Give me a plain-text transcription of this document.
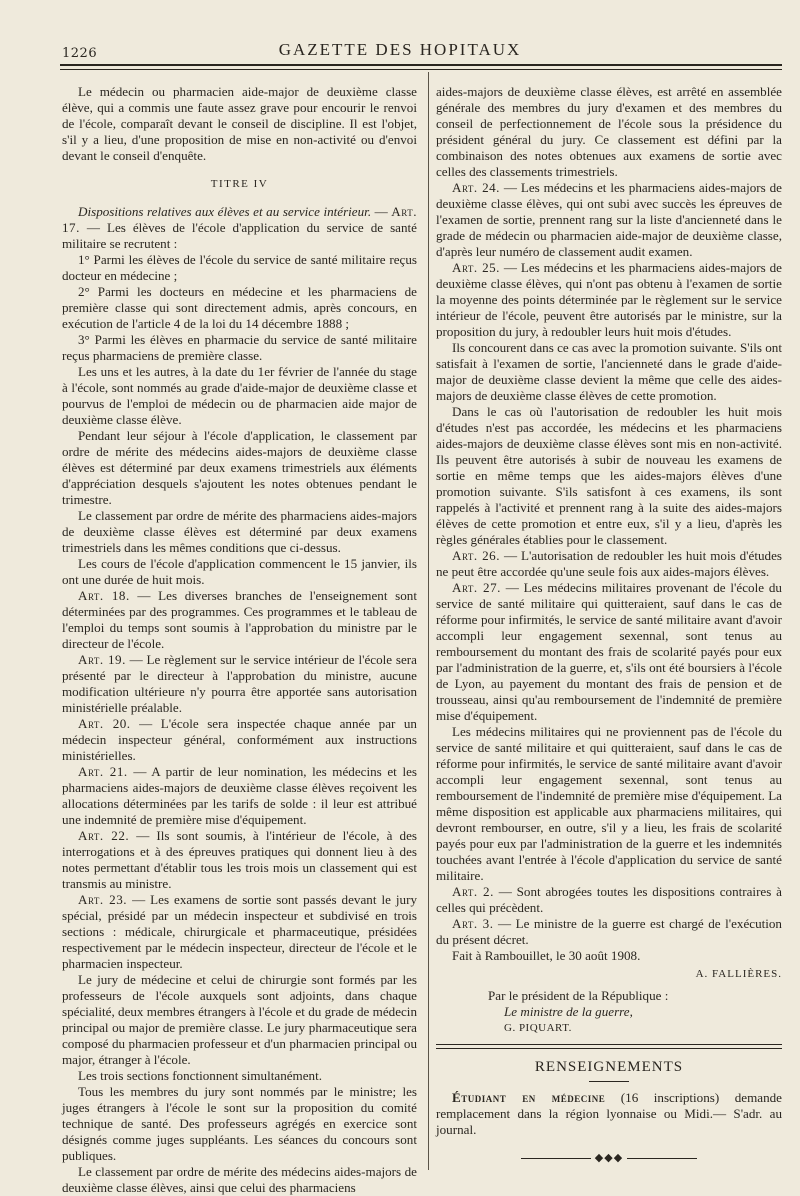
1226	GAZETTE DES HOPITAUX

Le médecin ou pharmacien aide-major de deuxième classe élève, qui a commis une faute assez grave pour encourir le renvoi de l'école, comparaît devant le conseil de discipline. Il est l'objet, s'il y a lieu, d'une proposition de mise en non-activité ou d'envoi devant le conseil d'enquête.

TITRE IV

Dispositions relatives aux élèves et au service intérieur. — Art. 17. — Les élèves de l'école d'application du service de santé militaire se recrutent :

1° Parmi les élèves de l'école du service de santé militaire reçus docteur en médecine ;

2° Parmi les docteurs en médecine et les pharmaciens de première classe qui sont directement admis, après concours, en exécution de l'article 4 de la loi du 14 décembre 1888 ;

3° Parmi les élèves en pharmacie du service de santé militaire reçus pharmaciens de première classe.

Les uns et les autres, à la date du 1er février de l'année du stage à l'école, sont nommés au grade d'aide-major de deuxième classe et pourvus de l'emploi de médecin ou de pharmacien aide major de deuxième classe élève.

Pendant leur séjour à l'école d'application, le classement par ordre de mérite des médecins aides-majors de deuxième classe élèves est déterminé par deux examens trimestriels aux éléments d'appréciation desquels s'ajoutent les notes obtenues pendant le trimestre.

Le classement par ordre de mérite des pharmaciens aides-majors de deuxième classe élèves est déterminé par deux examens trimestriels dans les mêmes conditions que ci-dessus.

Les cours de l'école d'application commencent le 15 janvier, ils ont une durée de huit mois.

Art. 18. — Les diverses branches de l'enseignement sont déterminées par des programmes. Ces programmes et le tableau de l'emploi du temps sont soumis à l'approbation du ministre par le directeur de l'école.

Art. 19. — Le règlement sur le service intérieur de l'école sera présenté par le directeur à l'approbation du ministre, aucune modification ultérieure n'y pourra être apportée sans autorisation ministérielle préalable.

Art. 20. — L'école sera inspectée chaque année par un médecin inspecteur général, conformément aux instructions ministérielles.

Art. 21. — A partir de leur nomination, les médecins et les pharmaciens aides-majors de deuxième classe élèves reçoivent les allocations déterminées par les tarifs de solde : il leur est attribué une indemnité de première mise d'équipement.

Art. 22. — Ils sont soumis, à l'intérieur de l'école, à des interrogations et à des épreuves pratiques qui donnent lieu à des notes permettant d'établir tous les trois mois un classement qui est transmis au ministre.

Art. 23. — Les examens de sortie sont passés devant le jury spécial, présidé par un médecin inspecteur et subdivisé en trois sections : médicale, chirurgicale et pharmaceutique, présidées respectivement par le médecin inspecteur, directeur de l'école et le pharmacien inspecteur.

Le jury de médecine et celui de chirurgie sont formés par les professeurs de l'école auxquels sont adjoints, dans chaque spécialité, deux membres étrangers à l'école et du grade de médecin principal ou major de première classe. Le jury pharmaceutique sera composé du pharmacien professeur et d'un pharmacien principal ou major, étranger à l'école.

Les trois sections fonctionnent simultanément.

Tous les membres du jury sont nommés par le ministre; les juges étrangers à l'école le sont sur la proposition du comité technique de santé. Des professeurs agrégés en exercice sont désignés comme juges suppléants. Les séances du concours sont publiques.

Le classement par ordre de mérite des médecins aides-majors de deuxième classe élèves, ainsi que celui des pharmaciens

aides-majors de deuxième classe élèves, est arrêté en assemblée générale des membres du jury d'examen et des membres du conseil de perfectionnement de l'école sous la présidence du président général du jury. Ce classement est défini par la combinaison des notes obtenues aux examens de sortie avec celles des classements trimestriels.

Art. 24. — Les médecins et les pharmaciens aides-majors de deuxième classe élèves, qui ont subi avec succès les épreuves de l'examen de sortie, prennent rang sur la liste d'ancienneté dans le grade de médecin ou pharmacien aide-major de deuxième classe, d'après leur numéro de classement audit examen.

Art. 25. — Les médecins et les pharmaciens aides-majors de deuxième classe élèves, qui n'ont pas obtenu à l'examen de sortie la moyenne des points déterminée par le règlement sur le service intérieur de l'école, peuvent être autorisés par le ministre, sur la proposition du jury, à redoubler leurs huit mois d'études.

Ils concourent dans ce cas avec la promotion suivante. S'ils ont satisfait à l'examen de sortie, l'ancienneté dans le grade d'aide-major de deuxième classe devient la même que celle des aides-majors de deuxième classe élèves de cette promotion.

Dans le cas où l'autorisation de redoubler les huit mois d'études n'est pas accordée, les médecins et les pharmaciens aides-majors de deuxième classe élèves sont mis en non-activité. Ils peuvent être autorisés à subir de nouveau les examens de sortie en même temps que les aides-majors élèves d'une promotion suivante. S'ils satisfont à ces examens, ils sont rappelés à l'activité et prennent rang à la suite des aides-majors élèves de cette promotion et entre eux, s'il y a lieu, d'après les règles générales établies pour le classement.

Art. 26. — L'autorisation de redoubler les huit mois d'études ne peut être accordée qu'une seule fois aux aides-majors élèves.

Art. 27. — Les médecins militaires provenant de l'école du service de santé militaire qui quitteraient, sauf dans le cas de réforme pour infirmités, le service de santé militaire avant d'avoir accompli leur engagement sexennal, sont tenus au remboursement du montant des frais de scolarité payés pour eux par l'administration de la guerre, et, s'ils ont été boursiers à l'école de Lyon, au payement du montant des frais de pension et de trousseau, ainsi qu'au remboursement de l'indemnité de première mise d'équipement.

Les médecins militaires qui ne proviennent pas de l'école du service de santé militaire et qui quitteraient, sauf dans le cas de réforme pour infirmités, le service de santé militaire avant d'avoir accompli leur engagement sexennal, sont tenus au remboursement de l'indemnité de première mise d'équipement. La même disposition est applicable aux pharmaciens militaires, qui devront rembourser, en outre, s'il y a lieu, les frais de scolarité payés pour eux par l'administration de la guerre et les indemnités touchées avant l'entrée à l'école d'application du service de santé militaire.

Art. 2. — Sont abrogées toutes les dispositions contraires à celles qui précèdent.

Art. 3. — Le ministre de la guerre est chargé de l'exécution du présent décret.

Fait à Rambouillet, le 30 août 1908.

A. FALLIÈRES.

Par le président de la République :

Le ministre de la guerre,

G. PIQUART.

RENSEIGNEMENTS

Étudiant en médecine (16 inscriptions) demande remplacement dans la région lyonnaise ou Midi.— S'adr. au journal.

◆◆◆
